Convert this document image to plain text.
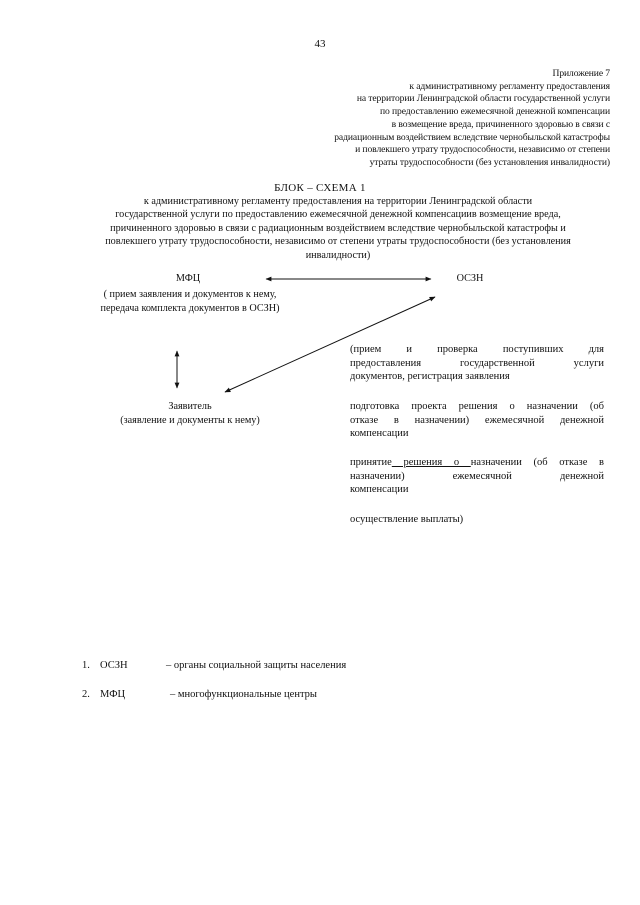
43
Приложение 7
к административному регламенту предоставления
на территории Ленинградской области государственной услуги
по предоставлению ежемесячной денежной компенсации
в возмещение вреда, причиненного здоровью в связи с
радиационным воздействием вследствие чернобыльской катастрофы
и повлекшего утрату трудоспособности, независимо от степени
утраты трудоспособности (без установления инвалидности)
БЛОК – СХЕМА 1
к административному регламенту предоставления на территории Ленинградской области
государственной услуги по предоставлению ежемесячной денежной компенсациив возмещение вреда,
причиненного здоровью в связи с радиационным воздействием вследствие чернобыльской катастрофы и
повлекшего утрату трудоспособности, независимо от степени утраты трудоспособности (без установления
инвалидности)
МФЦ
( прием заявления и документов к нему,
передача комплекта документов в ОСЗН)
ОСЗН
Заявитель
(заявление и документы к нему)
(прием и проверка поступивших для
предоставления государственной услуги
документов, регистрация заявления
подготовка проекта решения о назначении (об
отказе в назначении) ежемесячной денежной
компенсации
принятие решения о назначении (об отказе в
назначении) ежемесячной денежной
компенсации
осуществление выплаты)
1. ОСЗН	– органы социальной защиты населения
2. МФЦ	– многофункциональные центры
